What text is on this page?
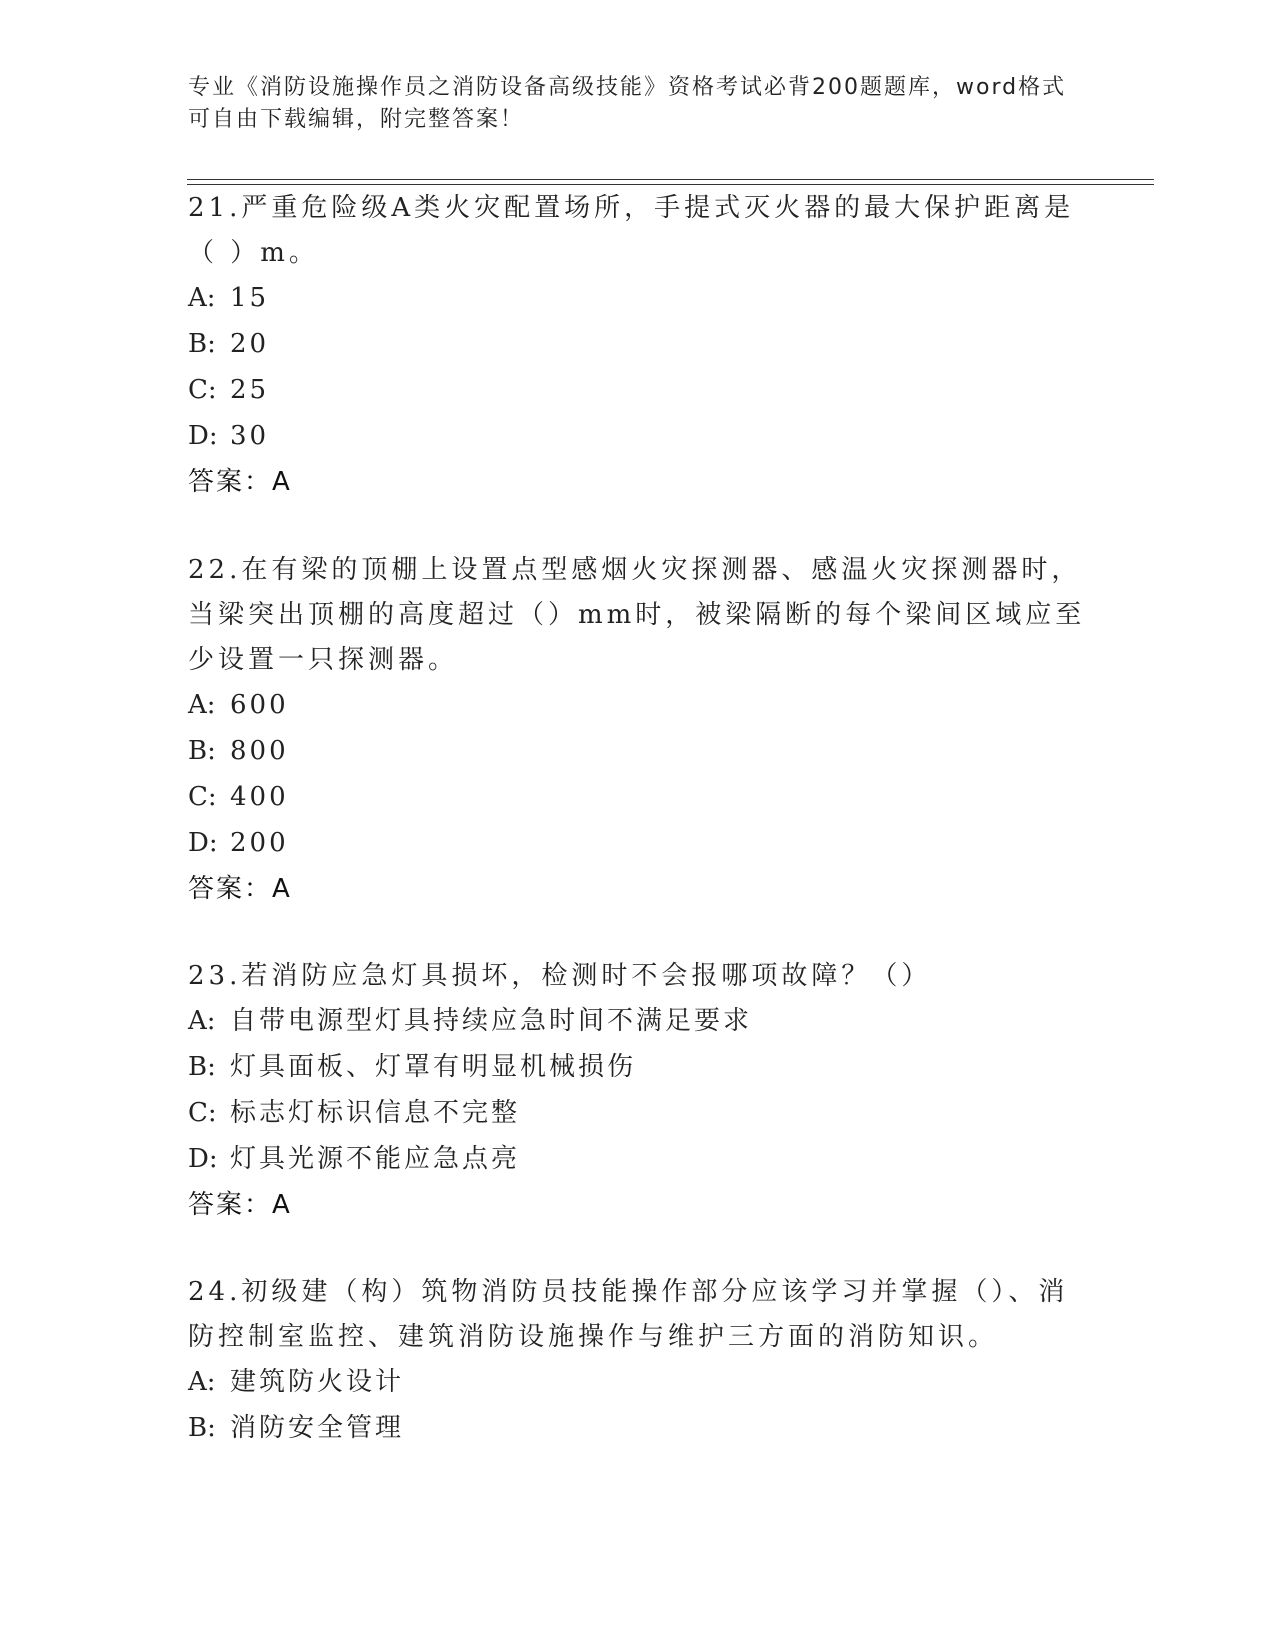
专业《消防设施操作员之消防设备高级技能》资格考试必背200题题库，word格式可自由下载编辑，附完整答案！
21.严重危险级A类火灾配置场所，手提式灭火器的最大保护距离是（ ）m。
A: 15
B: 20
C: 25
D: 30
答案：A
22.在有梁的顶棚上设置点型感烟火灾探测器、感温火灾探测器时，当梁突出顶棚的高度超过（）mm时，被梁隔断的每个梁间区域应至少设置一只探测器。
A: 600
B: 800
C: 400
D: 200
答案：A
23.若消防应急灯具损坏，检测时不会报哪项故障？（）
A: 自带电源型灯具持续应急时间不满足要求
B: 灯具面板、灯罩有明显机械损伤
C: 标志灯标识信息不完整
D: 灯具光源不能应急点亮
答案：A
24.初级建（构）筑物消防员技能操作部分应该学习并掌握（）、消防控制室监控、建筑消防设施操作与维护三方面的消防知识。
A: 建筑防火设计
B: 消防安全管理
